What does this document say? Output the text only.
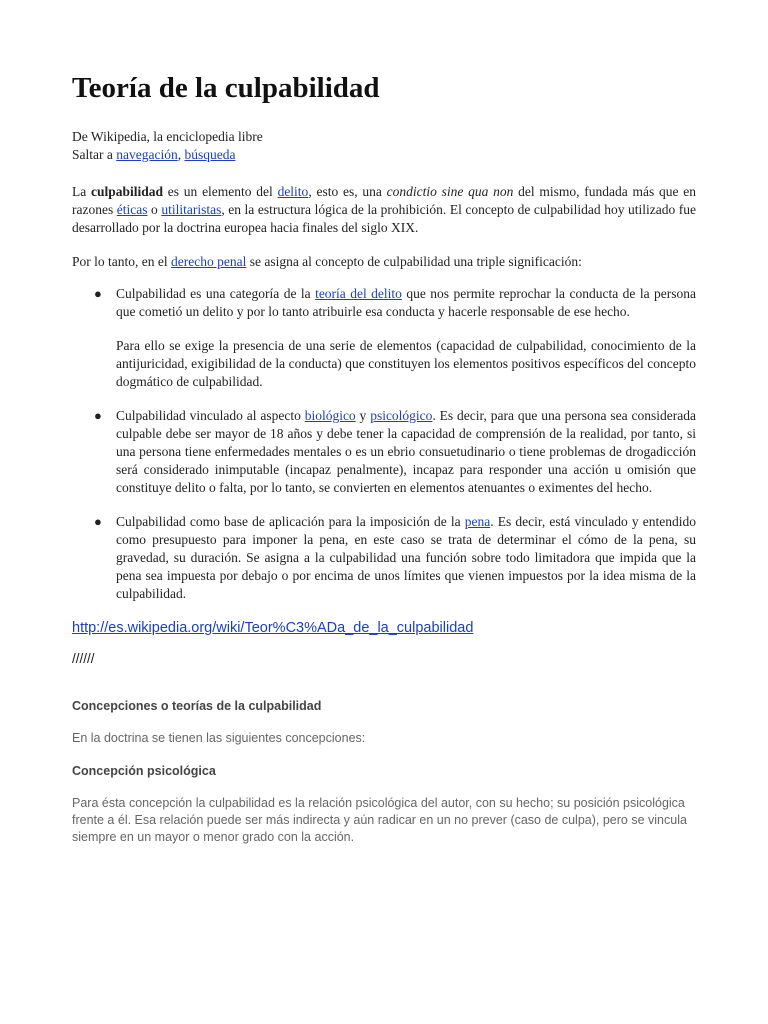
Teoría de la culpabilidad

De Wikipedia, la enciclopedia libre

Saltar a navegación, búsqueda

La culpabilidad es un elemento del delito, esto es, una condictio sine qua non del mismo, fundada más que en razones éticas o utilitaristas, en la estructura lógica de la prohibición. El concepto de culpabilidad hoy utilizado fue desarrollado por la doctrina europea hacia finales del siglo XIX.

Por lo tanto, en el derecho penal se asigna al concepto de culpabilidad una triple significación:

● Culpabilidad es una categoría de la teoría del delito que nos permite reprochar la conducta de la persona que cometió un delito y por lo tanto atribuirle esa conducta y hacerle responsable de ese hecho.

Para ello se exige la presencia de una serie de elementos (capacidad de culpabilidad, conocimiento de la antijuricidad, exigibilidad de la conducta) que constituyen los elementos positivos específicos del concepto dogmático de culpabilidad.

● Culpabilidad vinculado al aspecto biológico y psicológico. Es decir, para que una persona sea considerada culpable debe ser mayor de 18 años y debe tener la capacidad de comprensión de la realidad, por tanto, si una persona tiene enfermedades mentales o es un ebrio consuetudinario o tiene problemas de drogadicción será considerado inimputable (incapaz penalmente), incapaz para responder una acción u omisión que constituye delito o falta, por lo tanto, se convierten en elementos atenuantes o eximentes del hecho.

● Culpabilidad como base de aplicación para la imposición de la pena. Es decir, está vinculado y entendido como presupuesto para imponer la pena, en este caso se trata de determinar el cómo de la pena, su gravedad, su duración. Se asigna a la culpabilidad una función sobre todo limitadora que impida que la pena sea impuesta por debajo o por encima de unos límites que vienen impuestos por la idea misma de la culpabilidad.

http://es.wikipedia.org/wiki/Teor%C3%ADa_de_la_culpabilidad

//////

Concepciones o teorías de la culpabilidad

En la doctrina se tienen las siguientes concepciones:

Concepción psicológica

Para ésta concepción la culpabilidad es la relación psicológica del autor, con su hecho; su posición psicológica frente a él. Esa relación puede ser más indirecta y aún radicar en un no prever (caso de culpa), pero se vincula siempre en un mayor o menor grado con la acción.
